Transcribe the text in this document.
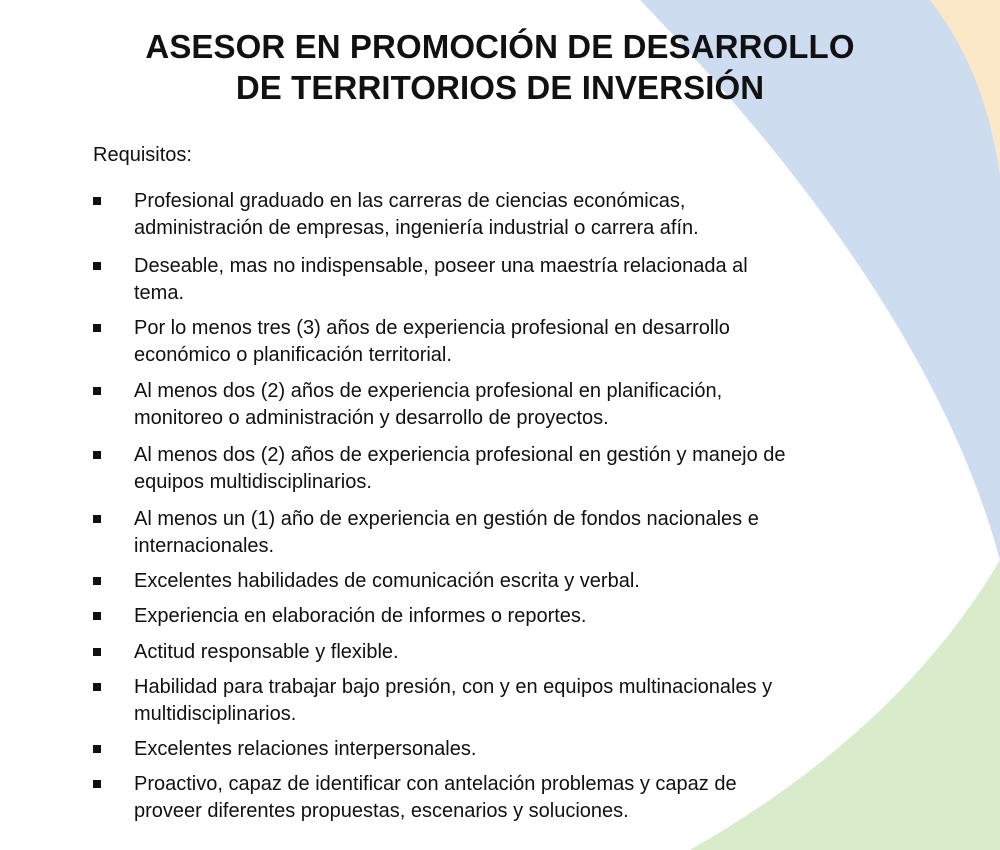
ASESOR EN PROMOCIÓN DE DESARROLLO
DE TERRITORIOS DE INVERSIÓN
Requisitos:
Profesional graduado en las carreras de ciencias económicas,
administración de empresas, ingeniería industrial o carrera afín.
Deseable, mas no indispensable, poseer una maestría relacionada al
tema.
Por lo menos tres (3) años de experiencia profesional en desarrollo
económico o planificación territorial.
Al menos dos (2) años de experiencia profesional en planificación,
monitoreo o administración y desarrollo de proyectos.
Al menos dos (2) años de experiencia profesional en gestión y manejo de
equipos multidisciplinarios.
Al menos un (1) año de experiencia en gestión de fondos nacionales e
internacionales.
Excelentes habilidades de comunicación escrita y verbal.
Experiencia en elaboración de informes o reportes.
Actitud responsable y flexible.
Habilidad para trabajar bajo presión, con y en equipos multinacionales y
multidisciplinarios.
Excelentes relaciones interpersonales.
Proactivo, capaz de identificar con antelación problemas y capaz de
proveer diferentes propuestas, escenarios y soluciones.
